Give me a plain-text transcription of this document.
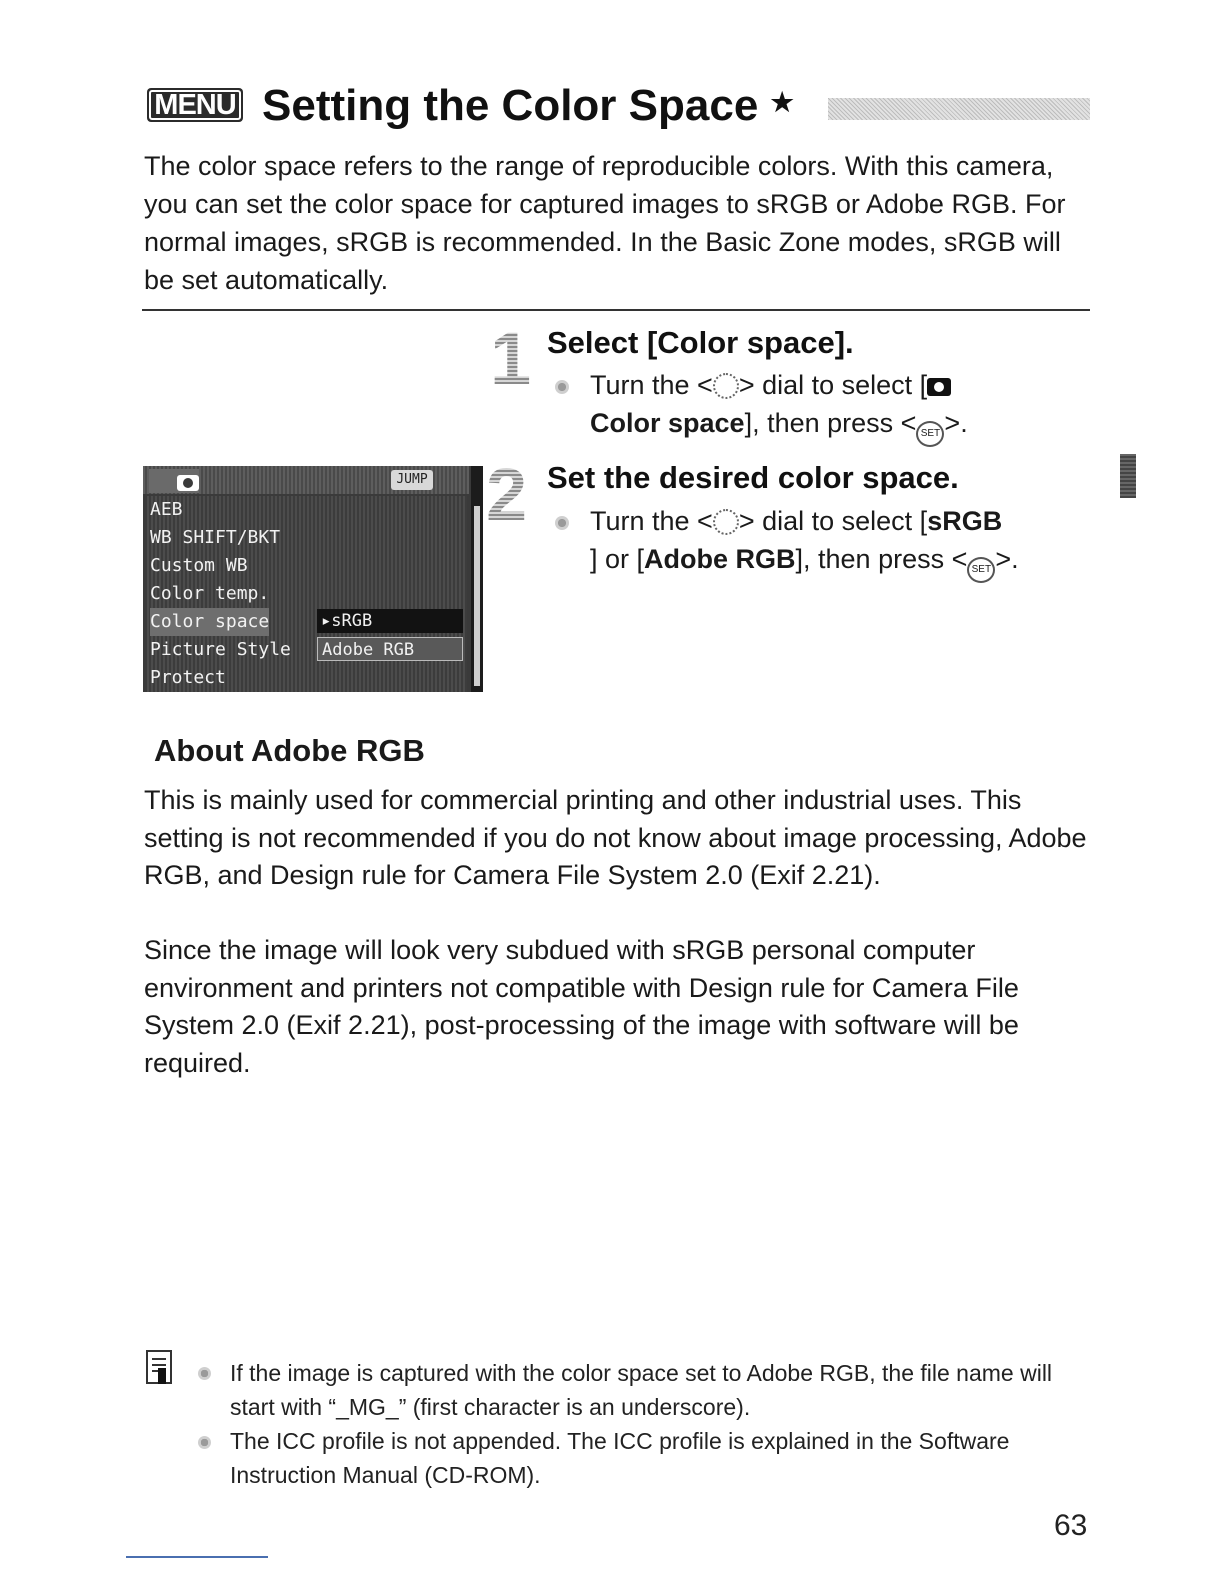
MENU Setting the Color Space ★
The color space refers to the range of reproducible colors. With this camera, you can set the color space for captured images to sRGB or Adobe RGB. For normal images, sRGB is recommended. In the Basic Zone modes, sRGB will be set automatically.
1 Select [Color space].
Turn the < > dial to select [
Color space], then press < SET >.
2 Set the desired color space.
Turn the < > dial to select [sRGB
] or [Adobe RGB], then press < SET >.
JUMP
AEB
WB SHIFT/BKT
Custom WB
Color temp.
Color space	▸sRGB
Picture Style Adobe RGB
Protect
About Adobe RGB
This is mainly used for commercial printing and other industrial uses. This setting is not recommended if you do not know about image processing, Adobe RGB, and Design rule for Camera File System 2.0 (Exif 2.21).
Since the image will look very subdued with sRGB personal computer environment and printers not compatible with Design rule for Camera File System 2.0 (Exif 2.21), post-processing of the image with software will be required.
If the image is captured with the color space set to Adobe RGB, the file name will start with “_MG_” (first character is an underscore).
The ICC profile is not appended. The ICC profile is explained in the Software Instruction Manual (CD-ROM).
63
